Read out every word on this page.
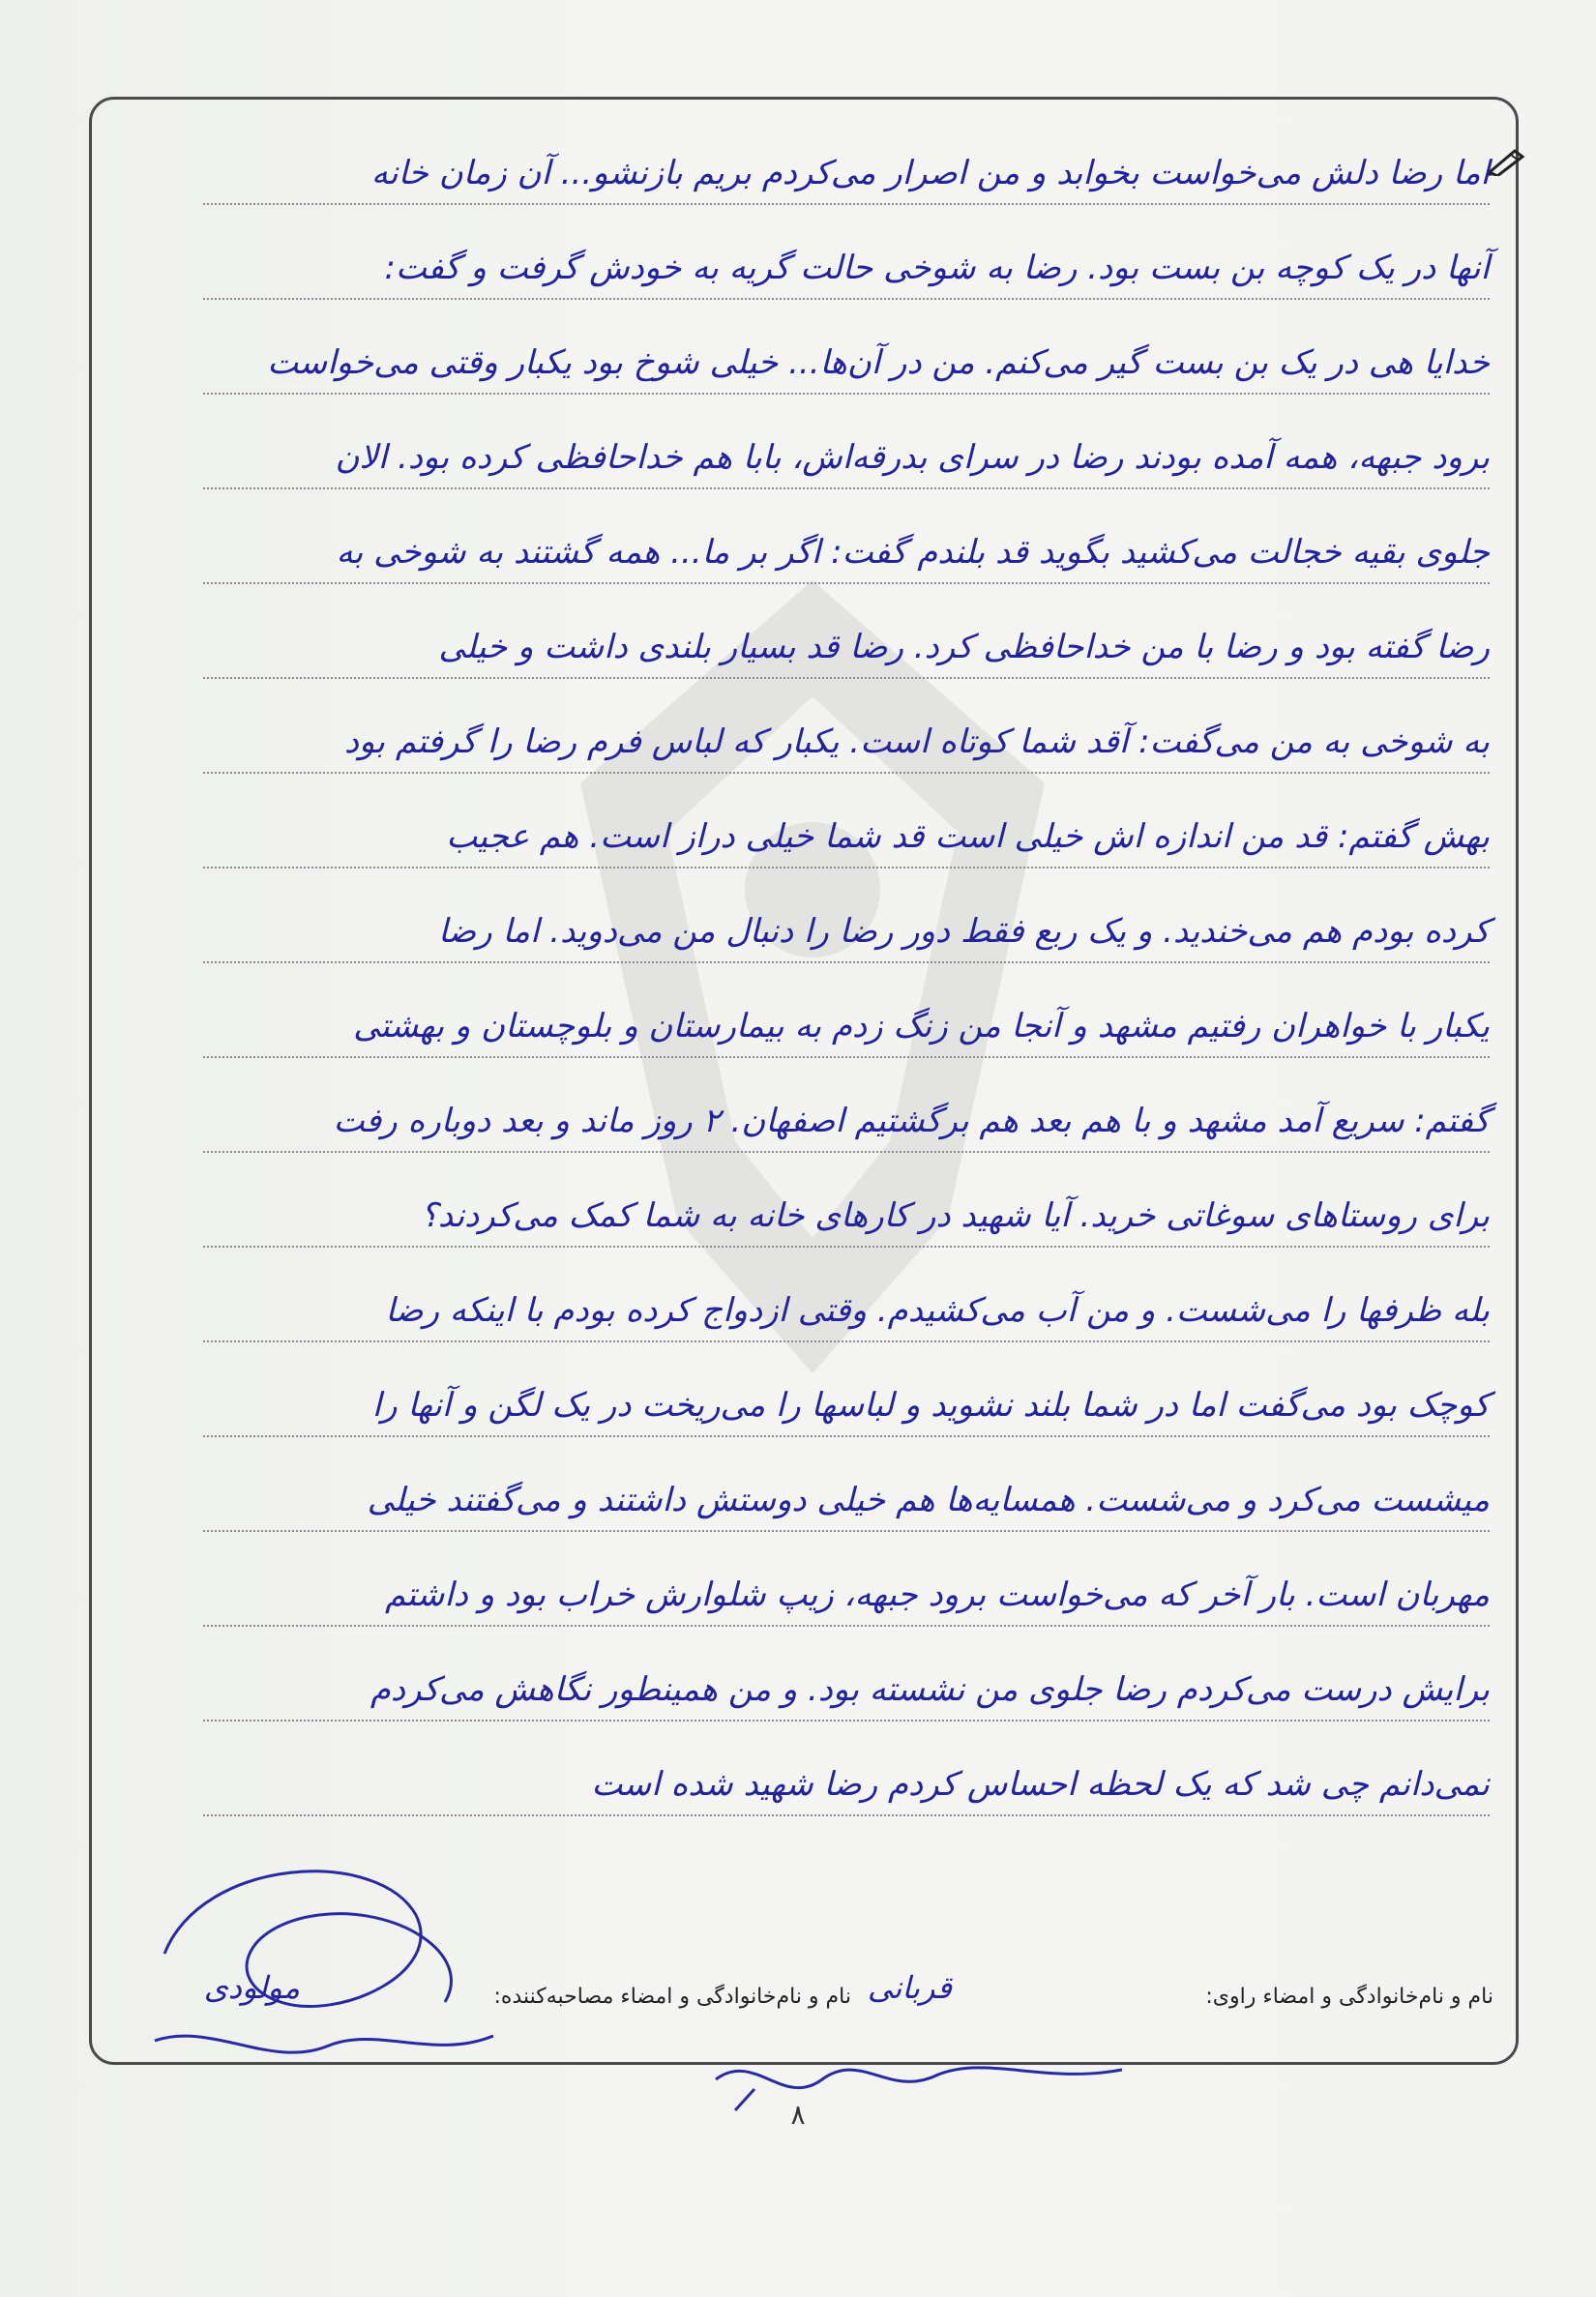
اما رضا دلش می‌خواست بخوابد و من اصرار می‌کردم بریم بازنشو... آن زمان خانه
آنها در یک کوچه بن بست بود. رضا به شوخی حالت گریه به خودش گرفت و گفت:
خدایا هی در یک بن بست گیر می‌کنم. من در آن‌ها... خیلی شوخ بود یکبار وقتی می‌خواست
برود جبهه، همه آمده بودند رضا در سرای بدرقه‌اش، بابا هم خداحافظی کرده بود. الان
جلوی بقیه خجالت می‌کشید بگوید قد بلندم گفت: اگر بر ما... همه گشتند به شوخی به
رضا گفته بود و رضا با من خداحافظی کرد. رضا قد بسیار بلندی داشت و خیلی
به شوخی به من می‌گفت: آقد شما کوتاه است. یکبار که لباس فرم رضا را گرفتم بود
بهش گفتم: قد من اندازه اش خیلی است قد شما خیلی دراز است. هم عجیب
کرده بودم هم می‌خندید. و یک ربع فقط دور رضا را دنبال من می‌دوید. اما رضا
یکبار با خواهران رفتیم مشهد و آنجا من زنگ زدم به بیمارستان و بلوچستان و بهشتی
گفتم: سریع آمد مشهد و با هم بعد هم برگشتیم اصفهان. ۲ روز ماند و بعد دوباره رفت
برای روستاهای سوغاتی خرید. آیا شهید در کارهای خانه به شما کمک می‌کردند؟
بله ظرفها را می‌شست. و من آب می‌کشیدم. وقتی ازدواج کرده بودم با اینکه رضا
کوچک بود می‌گفت اما در شما بلند نشوید و لباسها را می‌ریخت در یک لگن و آنها را
میشست می‌کرد و می‌شست. همسایه‌ها هم خیلی دوستش داشتند و می‌گفتند خیلی
مهربان است. بار آخر که می‌خواست برود جبهه، زیپ شلوارش خراب بود و داشتم
برایش درست می‌کردم رضا جلوی من نشسته بود. و من همینطور نگاهش می‌کردم
نمی‌دانم چی شد که یک لحظه احساس کردم رضا شهید شده است
نام و نام‌خانوادگی و امضاء راوی:
مولودی	نام و نام‌خانوادگی و امضاء مصاحبه‌کننده: قربانی
۸
